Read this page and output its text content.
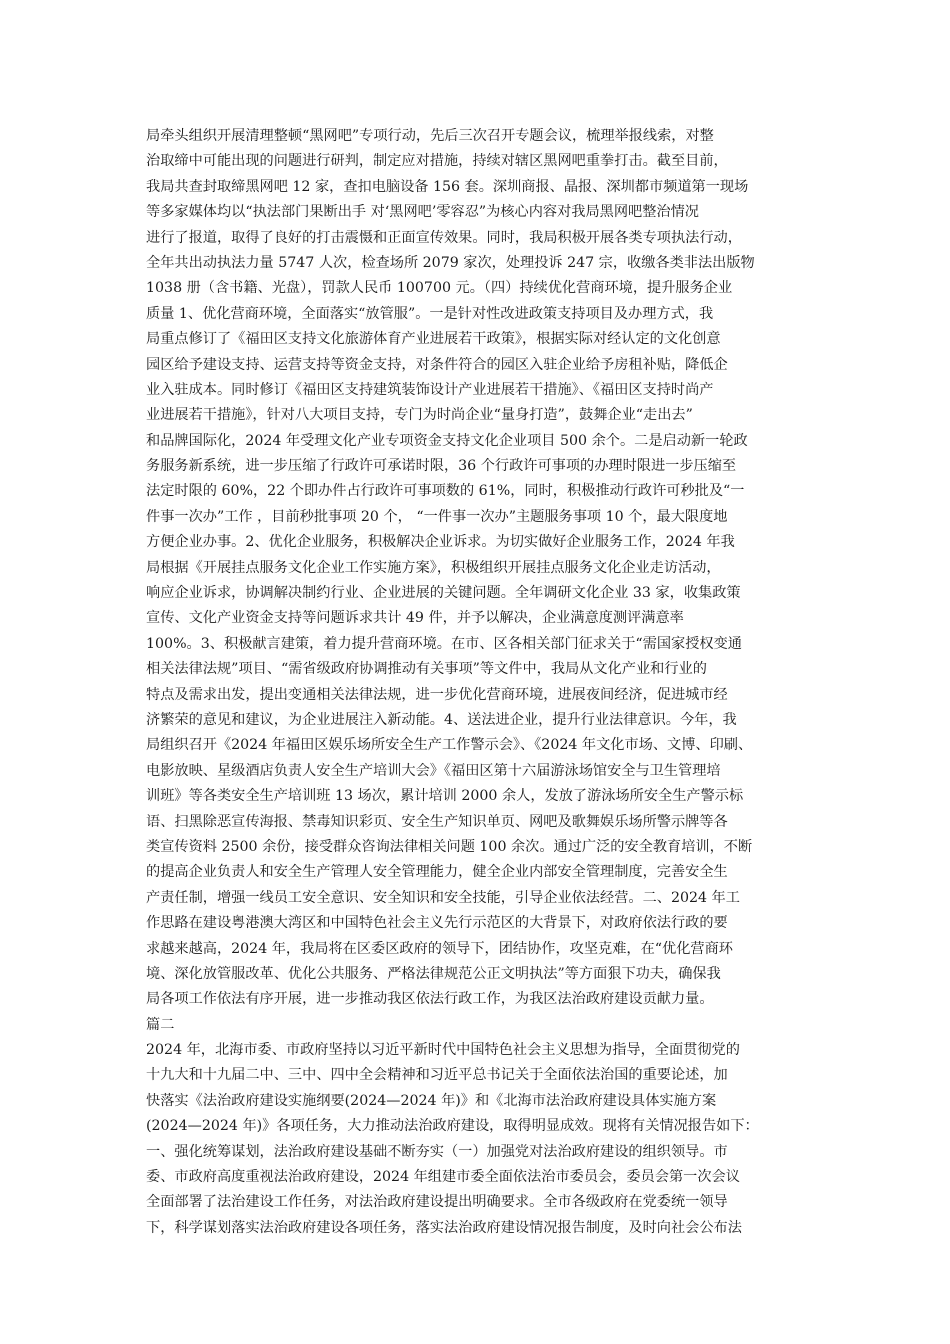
局牵头组织开展清理整顿“黑网吧”专项行动，先后三次召开专题会议，梳理举报线索，对整
治取缔中可能出现的问题进行研判，制定应对措施，持续对辖区黑网吧重拳打击。截至目前，
我局共查封取缔黑网吧 12 家，查扣电脑设备 156 套。深圳商报、晶报、深圳都市频道第一现场
等多家媒体均以“执法部门果断出手 对‘黑网吧’零容忍”为核心内容对我局黑网吧整治情况
进行了报道，取得了良好的打击震慑和正面宣传效果。同时，我局积极开展各类专项执法行动，
全年共出动执法力量 5747 人次，检查场所 2079 家次，处理投诉 247 宗，收缴各类非法出版物
1038 册（含书籍、光盘），罚款人民币 100700 元。（四）持续优化营商环境，提升服务企业
质量 1、优化营商环境，全面落实“放管服”。一是针对性改进政策支持项目及办理方式，我
局重点修订了《福田区支持文化旅游体育产业进展若干政策》，根据实际对经认定的文化创意
园区给予建设支持、运营支持等资金支持，对条件符合的园区入驻企业给予房租补贴，降低企
业入驻成本。同时修订《福田区支持建筑装饰设计产业进展若干措施》、《福田区支持时尚产
业进展若干措施》，针对八大项目支持，专门为时尚企业“量身打造”，鼓舞企业“走出去”
和品牌国际化，2024 年受理文化产业专项资金支持文化企业项目 500 余个。二是启动新一轮政
务服务新系统，进一步压缩了行政许可承诺时限，36 个行政许可事项的办理时限进一步压缩至
法定时限的 60%，22 个即办件占行政许可事项数的 61%，同时，积极推动行政许可秒批及“一
件事一次办”工作 ，目前秒批事项 20 个， “一件事一次办”主题服务事项 10 个，最大限度地
方便企业办事。2、优化企业服务，积极解决企业诉求。为切实做好企业服务工作，2024 年我
局根据《开展挂点服务文化企业工作实施方案》，积极组织开展挂点服务文化企业走访活动，
响应企业诉求，协调解决制约行业、企业进展的关键问题。全年调研文化企业 33 家，收集政策
宣传、文化产业资金支持等问题诉求共计 49 件，并予以解决，企业满意度测评满意率
100%。3、积极献言建策，着力提升营商环境。在市、区各相关部门征求关于“需国家授权变通
相关法律法规”项目、“需省级政府协调推动有关事项”等文件中，我局从文化产业和行业的
特点及需求出发，提出变通相关法律法规，进一步优化营商环境，进展夜间经济，促进城市经
济繁荣的意见和建议，为企业进展注入新动能。4、送法进企业，提升行业法律意识。今年，我
局组织召开《2024 年福田区娱乐场所安全生产工作警示会》、《2024 年文化市场、文博、印刷、
电影放映、星级酒店负责人安全生产培训大会》《福田区第十六届游泳场馆安全与卫生管理培
训班》等各类安全生产培训班 13 场次，累计培训 2000 余人，发放了游泳场所安全生产警示标
语、扫黑除恶宣传海报、禁毒知识彩页、安全生产知识单页、网吧及歌舞娱乐场所警示牌等各
类宣传资料 2500 余份，接受群众咨询法律相关问题 100 余次。通过广泛的安全教育培训，不断
的提高企业负责人和安全生产管理人安全管理能力，健全企业内部安全管理制度，完善安全生
产责任制，增强一线员工安全意识、安全知识和安全技能，引导企业依法经营。二、2024 年工
作思路在建设粤港澳大湾区和中国特色社会主义先行示范区的大背景下，对政府依法行政的要
求越来越高，2024 年，我局将在区委区政府的领导下，团结协作，攻坚克难，在“优化营商环
境、深化放管服改革、优化公共服务、严格法律规范公正文明执法”等方面狠下功夫，确保我
局各项工作依法有序开展，进一步推动我区依法行政工作，为我区法治政府建设贡献力量。
篇二
2024 年，北海市委、市政府坚持以习近平新时代中国特色社会主义思想为指导，全面贯彻党的
十九大和十九届二中、三中、四中全会精神和习近平总书记关于全面依法治国的重要论述，加
快落实《法治政府建设实施纲要(2024—2024 年)》和《北海市法治政府建设具体实施方案
(2024—2024 年)》各项任务，大力推动法治政府建设，取得明显成效。现将有关情况报告如下：
一、强化统筹谋划，法治政府建设基础不断夯实（一）加强党对法治政府建设的组织领导。市
委、市政府高度重视法治政府建设，2024 年组建市委全面依法治市委员会，委员会第一次会议
全面部署了法治建设工作任务，对法治政府建设提出明确要求。全市各级政府在党委统一领导
下，科学谋划落实法治政府建设各项任务，落实法治政府建设情况报告制度，及时向社会公布法
